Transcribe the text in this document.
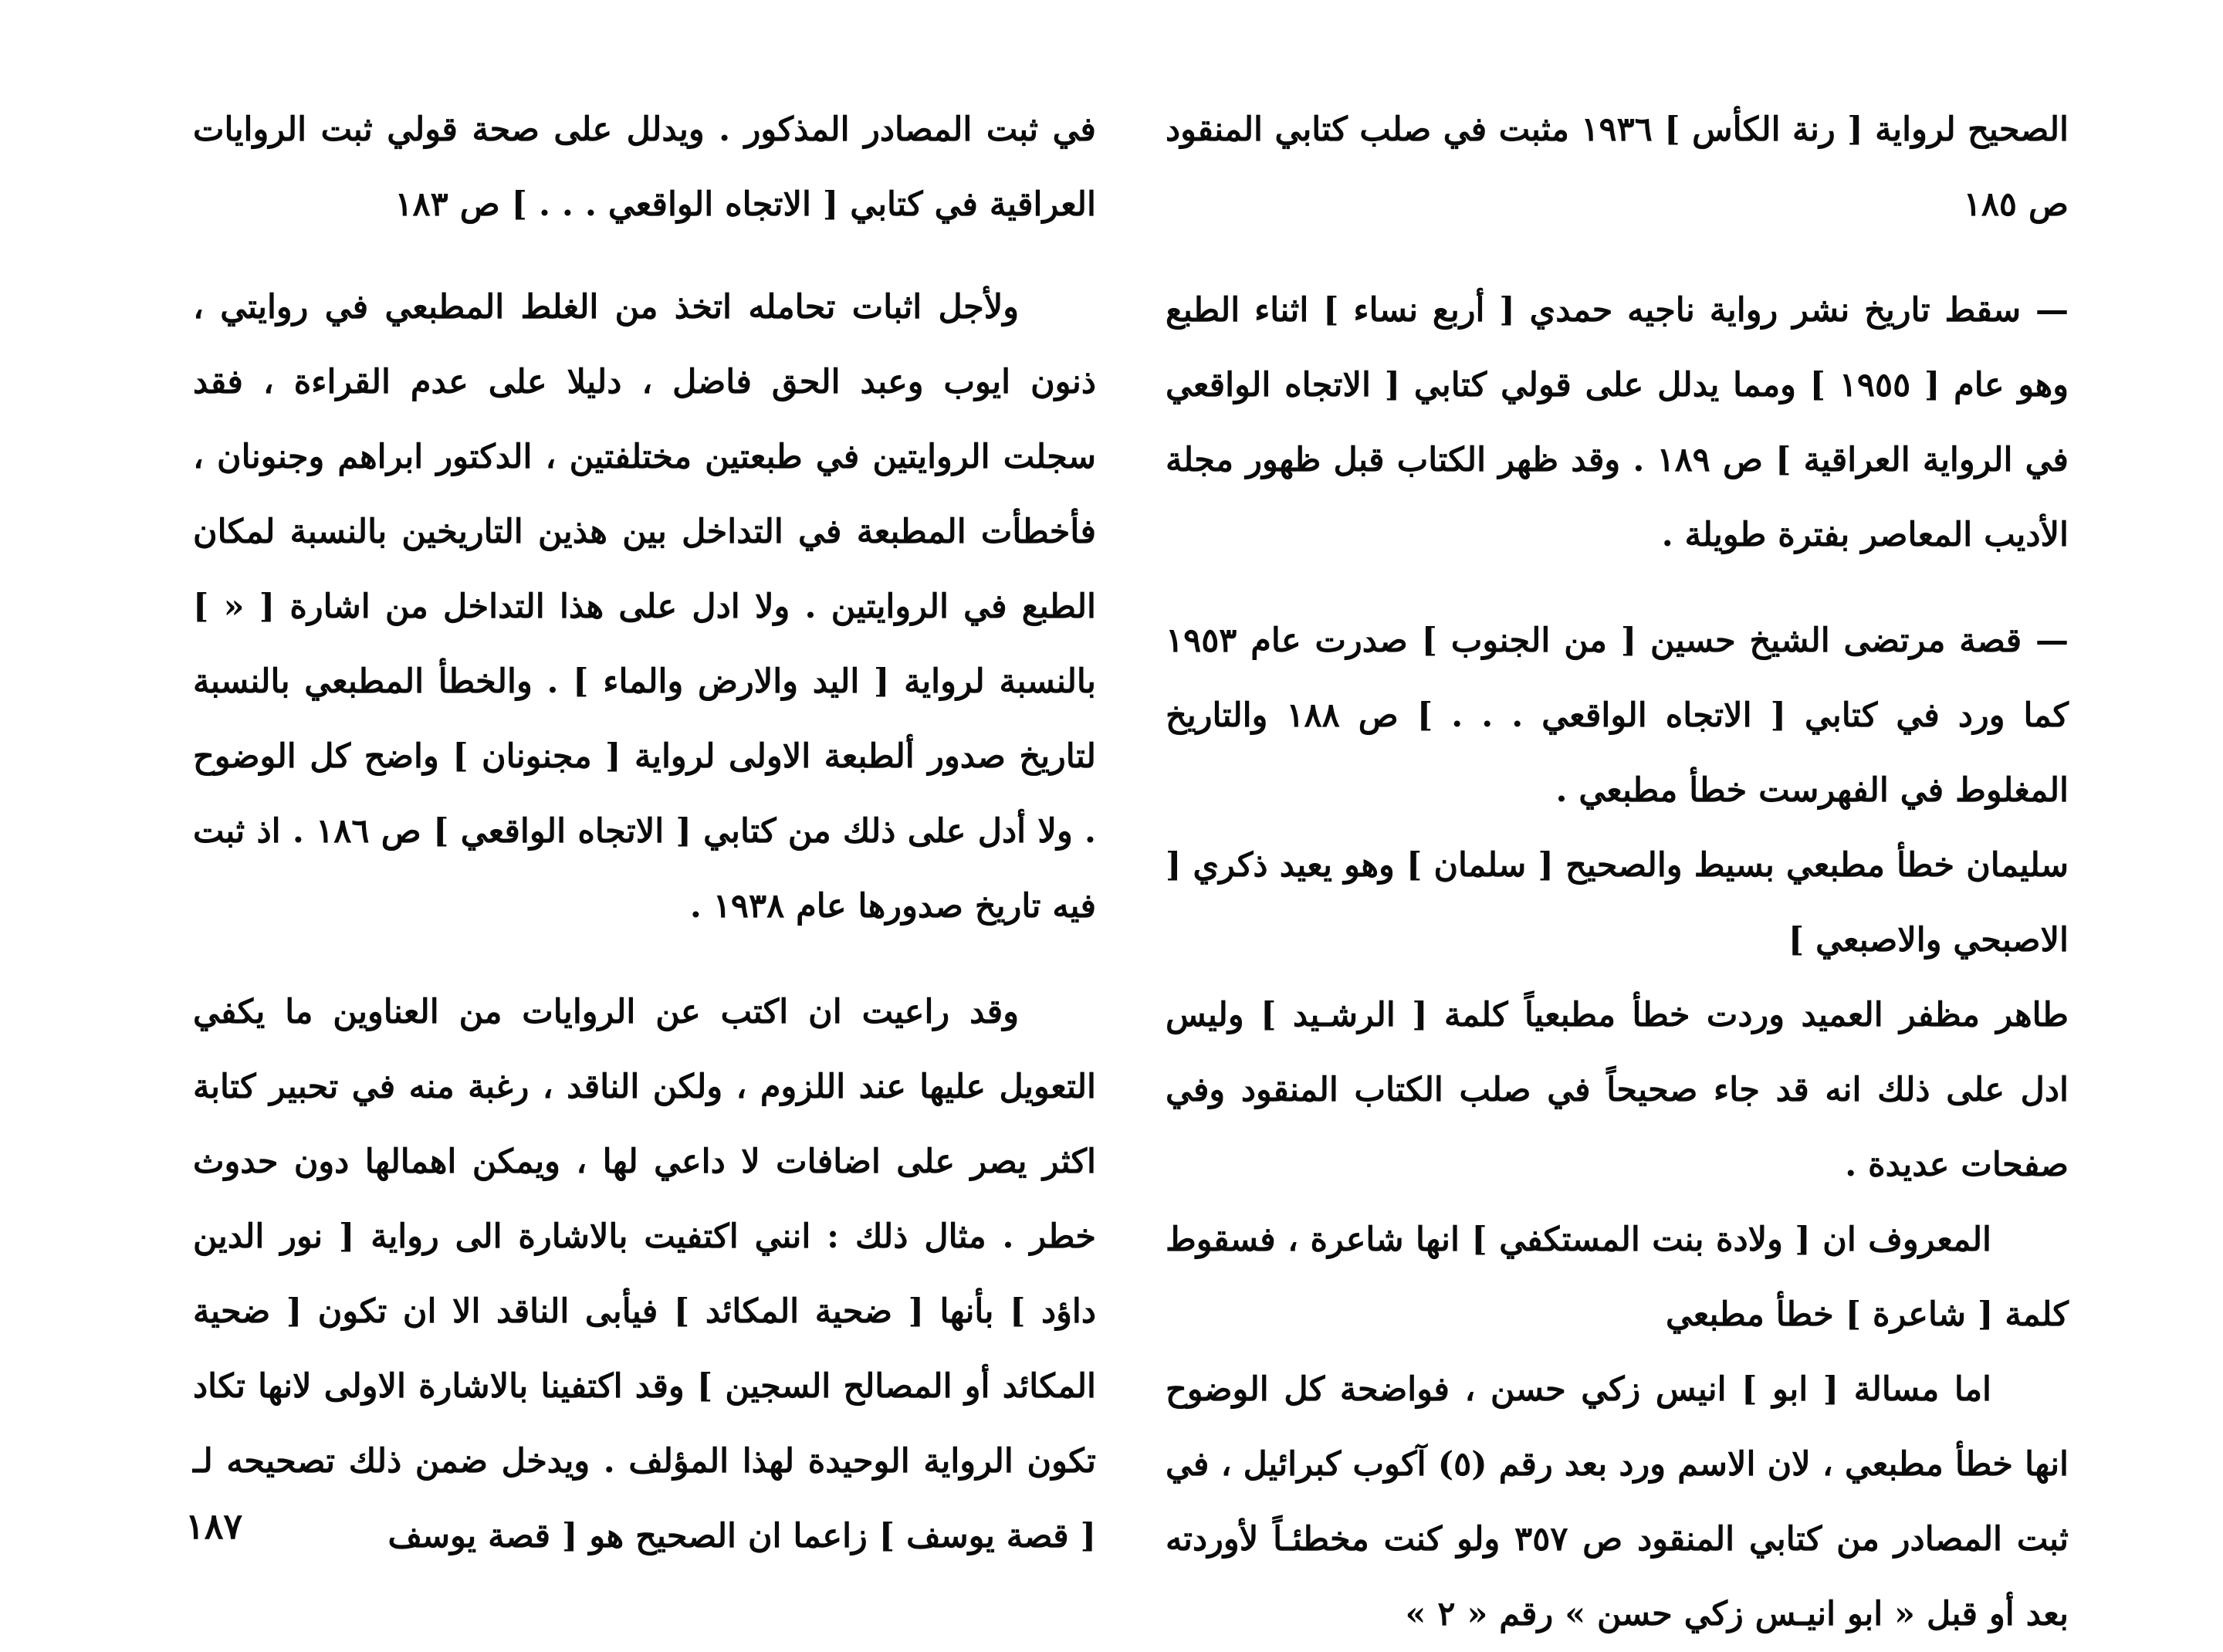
الصحيح لرواية [ رنة الكأس ] ١٩٣٦ مثبت في صلب كتابي المنقود ص ١٨٥

— سقط تاريخ نشر رواية ناجيه حمدي [ أربع نساء ] اثناء الطبع وهو عام [ ١٩٥٥ ] ومما يدلل على قولي كتابي [ الاتجاه الواقعي في الرواية العراقية ] ص ١٨٩ . وقد ظهر الكتاب قبل ظهور مجلة الأديب المعاصر بفترة طويلة .

— قصة مرتضى الشيخ حسين [ من الجنوب ] صدرت عام ١٩٥٣ كما ورد في كتابي [ الاتجاه الواقعي . . . ] ص ١٨٨ والتاريخ المغلوط في الفهرست خطأ مطبعي .

سليمان خطأ مطبعي بسيط والصحيح [ سلمان ] وهو يعيد ذكري [ الاصبحي والاصبعي ]

طاهر مظفر العميد وردت خطأ مطبعياً كلمة [ الرشـيد ] وليس ادل على ذلك انه قد جاء صحيحاً في صلب الكتاب المنقود وفي صفحات عديدة .

المعروف ان [ ولادة بنت المستكفي ] انها شاعرة ، فسقوط كلمة [ شاعرة ] خطأ مطبعي

اما مسالة [ ابو ] انيس زكي حسن ، فواضحة كل الوضوح انها خطأ مطبعي ، لان الاسم ورد بعد رقم (٥) آكوب كبرائيل ، في ثبت المصادر من كتابي المنقود ص ٣٥٧ ولو كنت مخطئـاً لأوردته بعد أو قبل « ابو انيـس زكي حسن » رقم « ٢ »

في ثبت المصادر المذكور . ويدلل على صحة قولي ثبت الروايات العراقية في كتابي [ الاتجاه الواقعي . . . ] ص ١٨٣

ولأجل اثبات تحامله اتخذ من الغلط المطبعي في روايتي ، ذنون ايوب وعبد الحق فاضل ، دليلا على عدم القراءة ، فقد سجلت الروايتين في طبعتين مختلفتين ، الدكتور ابراهم وجنونان ، فأخطأت المطبعة في التداخل بين هذين التاريخين بالنسبة لمكان الطبع في الروايتين . ولا ادل على هذا التداخل من اشارة [ « ] بالنسبة لرواية [ اليد والارض والماء ] . والخطأ المطبعي بالنسبة لتاريخ صدور ألطبعة الاولى لرواية [ مجنونان ] واضح كل الوضوح . ولا أدل على ذلك من كتابي [ الاتجاه الواقعي ] ص ١٨٦ . اذ ثبت فيه تاريخ صدورها عام ١٩٣٨ .

وقد راعيت ان اكتب عن الروايات من العناوين ما يكفي التعويل عليها عند اللزوم ، ولكن الناقد ، رغبة منه في تحبير كتابة اكثر يصر على اضافات لا داعي لها ، ويمكن اهمالها دون حدوث خطر . مثال ذلك : انني اكتفيت بالاشارة الى رواية [ نور الدين داؤد ] بأنها [ ضحية المكائد ] فيأبى الناقد الا ان تكون [ ضحية المكائد أو المصالح السجين ] وقد اكتفينا بالاشارة الاولى لانها تكاد تكون الرواية الوحيدة لهذا المؤلف . ويدخل ضمن ذلك تصحيحه لـ [ قصة يوسف ] زاعما ان الصحيح هو [ قصة يوسف

١٨٧
